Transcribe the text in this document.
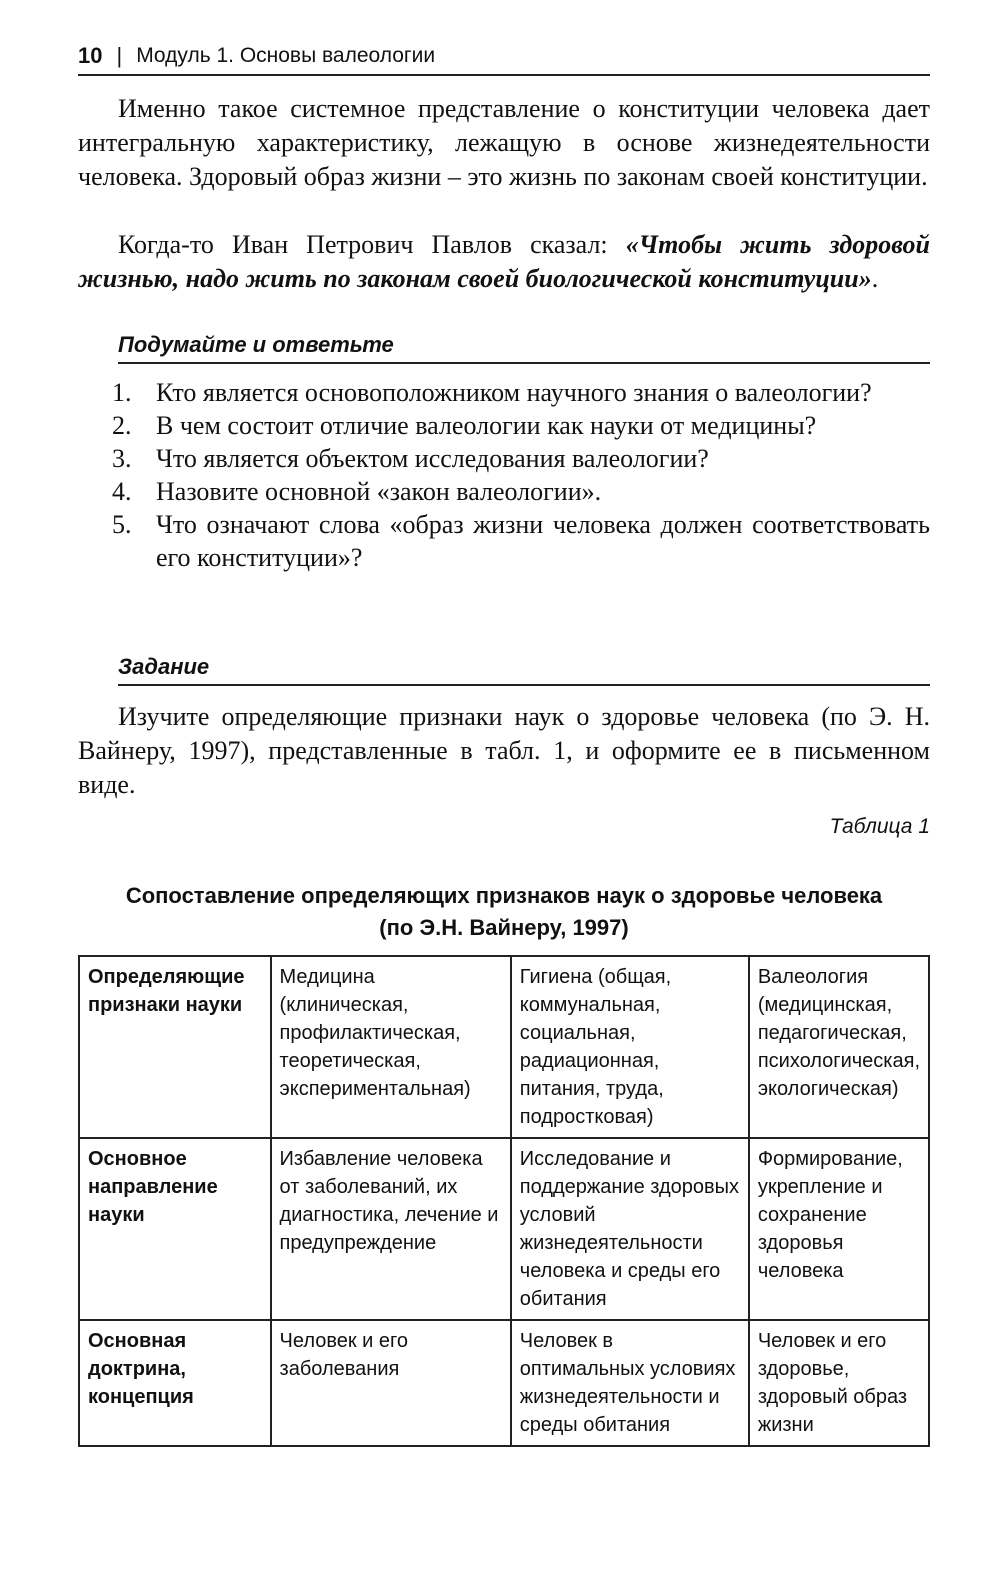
10 | Модуль 1. Основы валеологии

Именно такое системное представление о конституции человека дает интегральную характеристику, лежащую в основе жизнедеятельности человека. Здоровый образ жизни – это жизнь по законам своей конституции.

Когда-то Иван Петрович Павлов сказал: «Чтобы жить здоровой жизнью, надо жить по законам своей биологической конституции».

Подумайте и ответьте
1. Кто является основоположником научного знания о валеологии?
2. В чем состоит отличие валеологии как науки от медицины?
3. Что является объектом исследования валеологии?
4. Назовите основной «закон валеологии».
5. Что означают слова «образ жизни человека должен соответствовать его конституции»?
Задание

Изучите определяющие признаки наук о здоровье человека (по Э. Н. Вайнеру, 1997), представленные в табл. 1, и оформите ее в письменном виде.

Таблица 1
Сопоставление определяющих признаков наук о здоровье человека
(по Э.Н. Вайнеру, 1997)
Определяющие признаки науки	Медицина (клиническая, профилактическая, теоретическая, экспериментальная)	Гигиена (общая, коммунальная, социальная, радиационная, питания, труда, подростковая)	Валеология (медицинская, педагогическая, психологическая, экологическая)
Основное направление науки	Избавление человека от заболеваний, их диагностика, лечение и предупреждение	Исследование и поддержание здоровых условий жизнедеятельности человека и среды его обитания	Формирование, укрепление и сохранение здоровья человека
Основная доктрина, концепция	Человек и его заболевания	Человек в оптимальных условиях жизнедеятельности и среды обитания	Человек и его здоровье, здоровый образ жизни
